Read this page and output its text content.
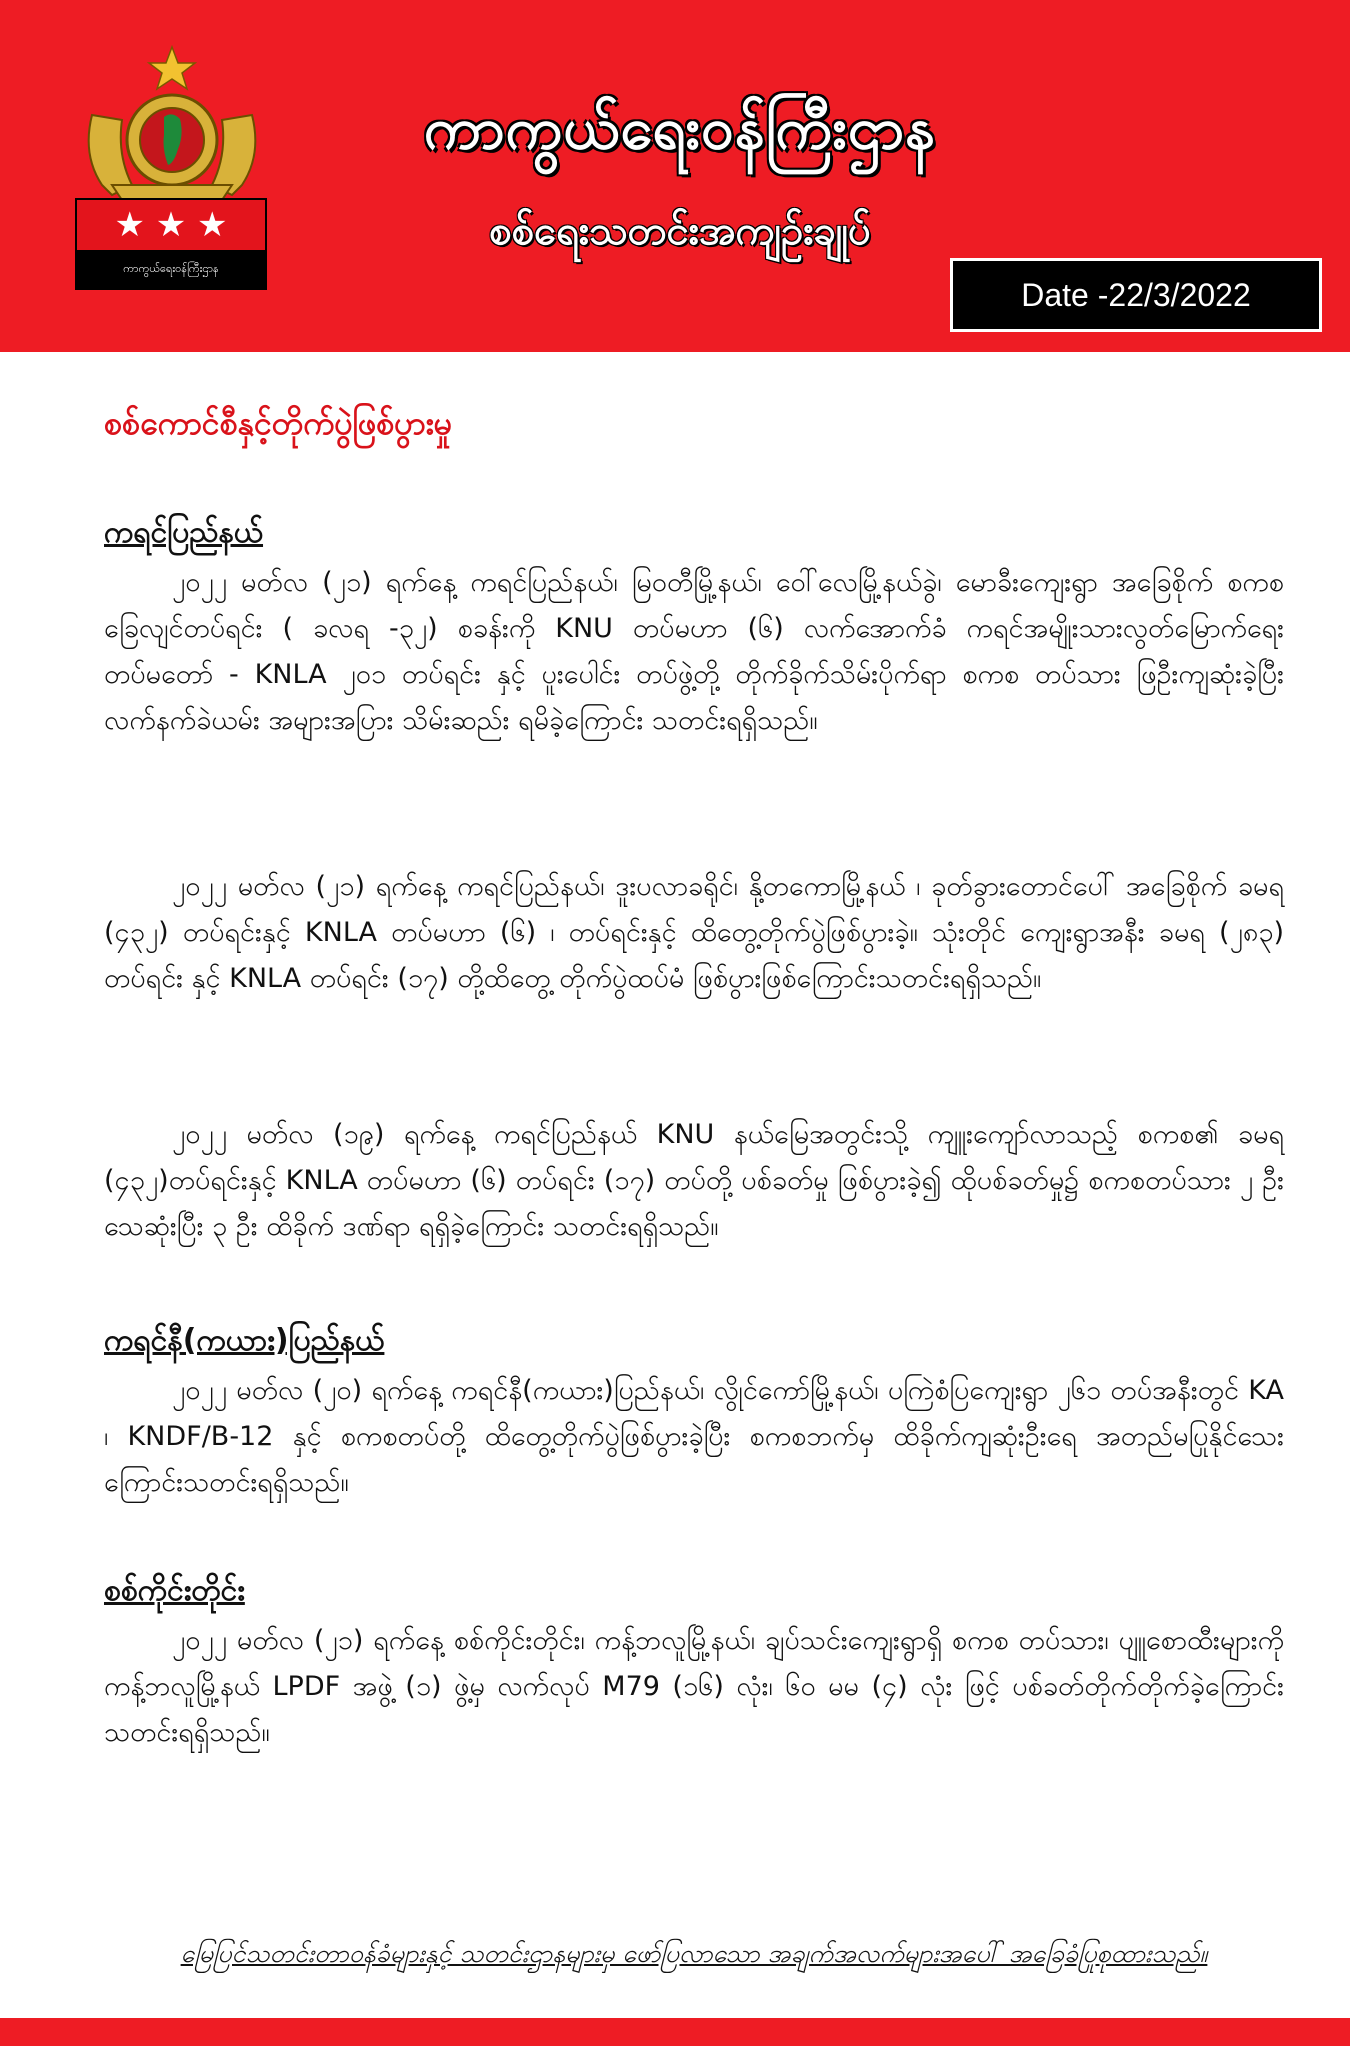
★ ★ ★
ကာကွယ်ရေးဝန်ကြီးဌာန
ကာကွယ်ရေးဝန်ကြီးဌာန
စစ်ရေးသတင်းအကျဉ်းချုပ်
Date -22/3/2022
စစ်ကောင်စီနှင့်တိုက်ပွဲဖြစ်ပွားမှု
ကရင်ပြည်နယ်

၂၀၂၂ မတ်လ (၂၁) ရက်နေ့ ကရင်ပြည်နယ်၊ မြဝတီမြို့နယ်၊ ဝေါ်လေမြို့နယ်ခွဲ၊ မောခီးကျေးရွာ အခြေစိုက် စကစ ခြေလျင်တပ်ရင်း ( ခလရ -၃၂) စခန်းကို KNU တပ်မဟာ (၆) လက်အောက်ခံ ကရင်အမျိုးသားလွတ်မြောက်ရေးတပ်မတော် - KNLA ၂၀၁ တပ်ရင်း နှင့် ပူးပေါင်း တပ်ဖွဲ့တို့ တိုက်ခိုက်သိမ်းပိုက်ရာ စကစ တပ်သား ဖြဦးကျဆုံးခဲ့ပြီး လက်နက်ခဲယမ်း အများအပြား သိမ်းဆည်း ရမိခဲ့ကြောင်း သတင်းရရှိသည်။

၂၀၂၂ မတ်လ (၂၁) ရက်နေ့ ကရင်ပြည်နယ်၊ ဒူးပလာခရိုင်၊ နို့တကောမြို့နယ် ၊ ခုတ်ခွားတောင်ပေါ် အခြေစိုက် ခမရ (၄၃၂) တပ်ရင်းနှင့် KNLA တပ်မဟာ (၆) ၊ တပ်ရင်းနှင့် ထိတွေ့တိုက်ပွဲဖြစ်ပွားခဲ့။ သုံးတိုင် ကျေးရွာအနီး ခမရ (၂၈၃) တပ်ရင်း နှင့် KNLA တပ်ရင်း (၁၇) တို့ထိတွေ့ တိုက်ပွဲထပ်မံ ဖြစ်ပွားဖြစ်ကြောင်းသတင်းရရှိသည်။

၂၀၂၂ မတ်လ (၁၉) ရက်နေ့ ကရင်ပြည်နယ် KNU နယ်မြေအတွင်းသို့ ကျူးကျော်လာသည့် စကစ၏ ခမရ (၄၃၂)တပ်ရင်းနှင့် KNLA တပ်မဟာ (၆) တပ်ရင်း (၁၇) တပ်တို့ ပစ်ခတ်မှု ဖြစ်ပွားခဲ့၍ ထိုပစ်ခတ်မှု၌ စကစတပ်သား ၂ ဦးသေဆုံးပြီး ၃ ဦး ထိခိုက် ဒဏ်ရာ ရရှိခဲ့ကြောင်း သတင်းရရှိသည်။

ကရင်နီ(ကယား)ပြည်နယ်

၂၀၂၂ မတ်လ (၂၀) ရက်နေ့ ကရင်နီ(ကယား)ပြည်နယ်၊ လွိုင်ကော်မြို့နယ်၊ ပကြဲစံပြကျေးရွာ ၂၆၁ တပ်အနီးတွင် KA ၊ KNDF/B-12 နှင့် စကစတပ်တို့ ထိတွေ့တိုက်ပွဲဖြစ်ပွားခဲ့ပြီး စကစဘက်မှ ထိခိုက်ကျဆုံးဦးရေ အတည်မပြုနိုင်သေးကြောင်းသတင်းရရှိသည်။

စစ်ကိုင်းတိုင်း

၂၀၂၂ မတ်လ (၂၁) ရက်နေ့ စစ်ကိုင်းတိုင်း၊ ကန့်ဘလူမြို့နယ်၊ ချပ်သင်းကျေးရွာရှိ စကစ တပ်သား၊ ပျူစောထီးများကို ကန့်ဘလူမြို့နယ် LPDF အဖွဲ့ (၁) ဖွဲ့မှ လက်လုပ် M79 (၁၆) လုံး၊ ၆၀ မမ (၄) လုံး ဖြင့် ပစ်ခတ်တိုက်တိုက်ခဲ့ကြောင်း သတင်းရရှိသည်။

မြေပြင်သတင်းတာဝန်ခံများနှင့် သတင်းဌာနများမှ ဖော်ပြလာသော အချက်အလက်များအပေါ် အခြေခံပြုစုထားသည်။
